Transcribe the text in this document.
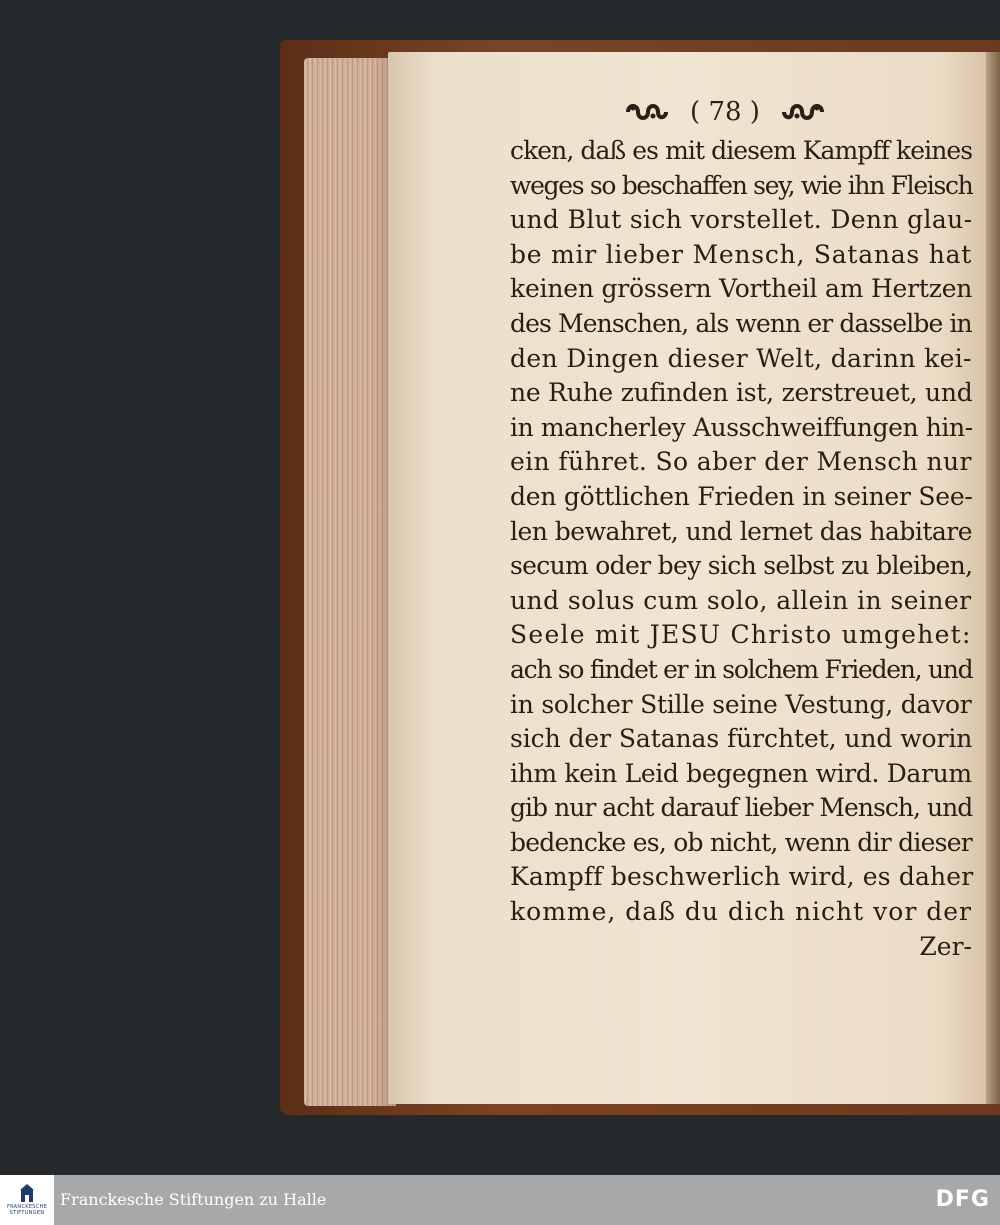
( 78 )
cken, daß es mit diesem Kampff keines
weges so beschaffen sey, wie ihn Fleisch
und Blut sich vorstellet. Denn glau-
be mir lieber Mensch, Satanas hat
keinen grössern Vortheil am Hertzen
des Menschen, als wenn er dasselbe in
den Dingen dieser Welt, darinn kei-
ne Ruhe zufinden ist, zerstreuet, und
in mancherley Ausschweiffungen hin-
ein führet. So aber der Mensch nur
den göttlichen Frieden in seiner See-
len bewahret, und lernet das habitare
secum oder bey sich selbst zu bleiben,
und solus cum solo, allein in seiner
Seele mit JESU Christo umgehet:
ach so findet er in solchem Frieden, und
in solcher Stille seine Vestung, davor
sich der Satanas fürchtet, und worin
ihm kein Leid begegnen wird. Darum
gib nur acht darauf lieber Mensch, und
bedencke es, ob nicht, wenn dir dieser
Kampff beschwerlich wird, es daher
komme, daß du dich nicht vor der
Zer-
FRANCKESCHE
STIFTUNGEN
Franckesche Stiftungen zu Halle	DFG
